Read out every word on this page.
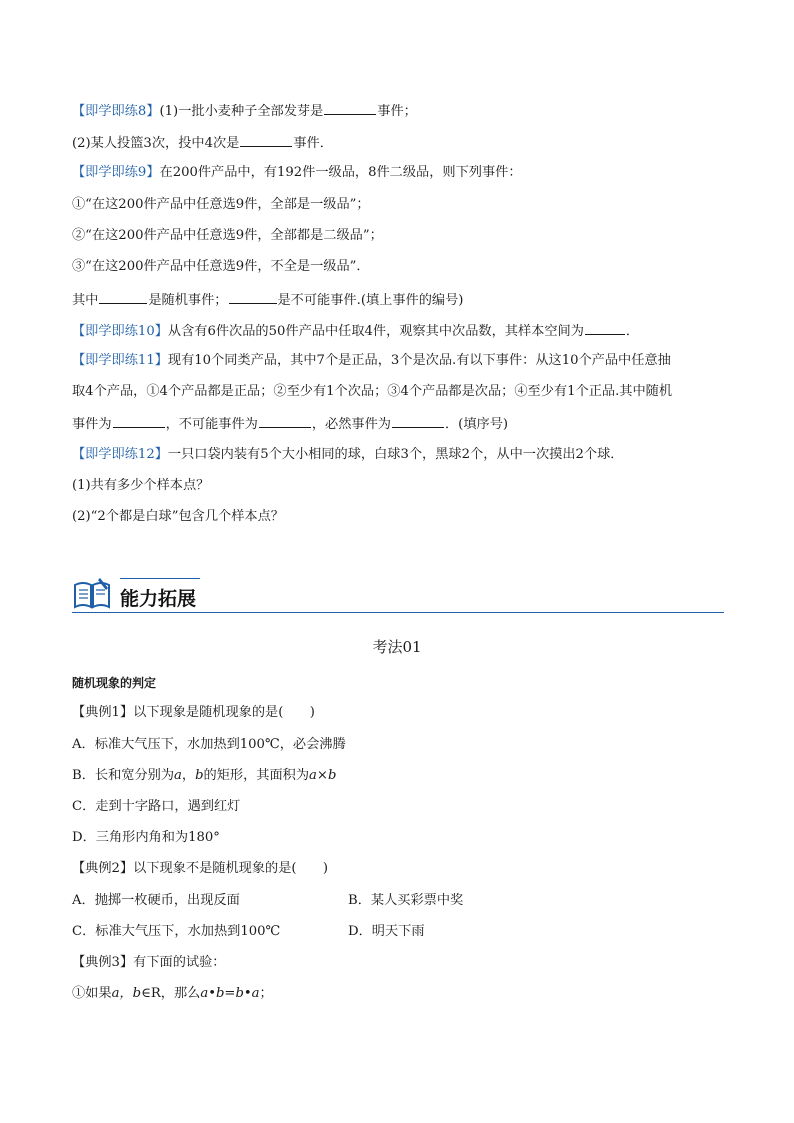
【即学即练8】(1)一批小麦种子全部发芽是	事件；
(2)某人投篮3次，投中4次是	事件．
【即学即练9】在200件产品中，有192件一级品，8件二级品，则下列事件：
①“在这200件产品中任意选9件，全部是一级品”；
②“在这200件产品中任意选9件，全部都是二级品”；
③“在这200件产品中任意选9件，不全是一级品”．
其中	是随机事件；	是不可能事件.(填上事件的编号)
【即学即练10】从含有6件次品的50件产品中任取4件，观察其中次品数，其样本空间为	．
【即学即练11】现有10个同类产品，其中7个是正品，3个是次品.有以下事件：从这10个产品中任意抽
取4个产品，①4个产品都是正品；②至少有1个次品；③4个产品都是次品；④至少有1个正品.其中随机
事件为	，不可能事件为	，必然事件为	．(填序号)
【即学即练12】一只口袋内装有5个大小相同的球，白球3个，黑球2个，从中一次摸出2个球．
(1)共有多少个样本点？
(2)“2个都是白球”包含几个样本点？
能力拓展
考法01
随机现象的判定
【典例1】以下现象是随机现象的是(　　)
A．标准大气压下，水加热到100℃，必会沸腾
B．长和宽分别为a，b的矩形，其面积为a×b
C．走到十字路口，遇到红灯
D．三角形内角和为180°
【典例2】以下现象不是随机现象的是(　　)
A．抛掷一枚硬币，出现反面	B．某人买彩票中奖
C．标准大气压下，水加热到100℃	D．明天下雨
【典例3】有下面的试验：
①如果a，b∈R，那么a•b=b•a；
